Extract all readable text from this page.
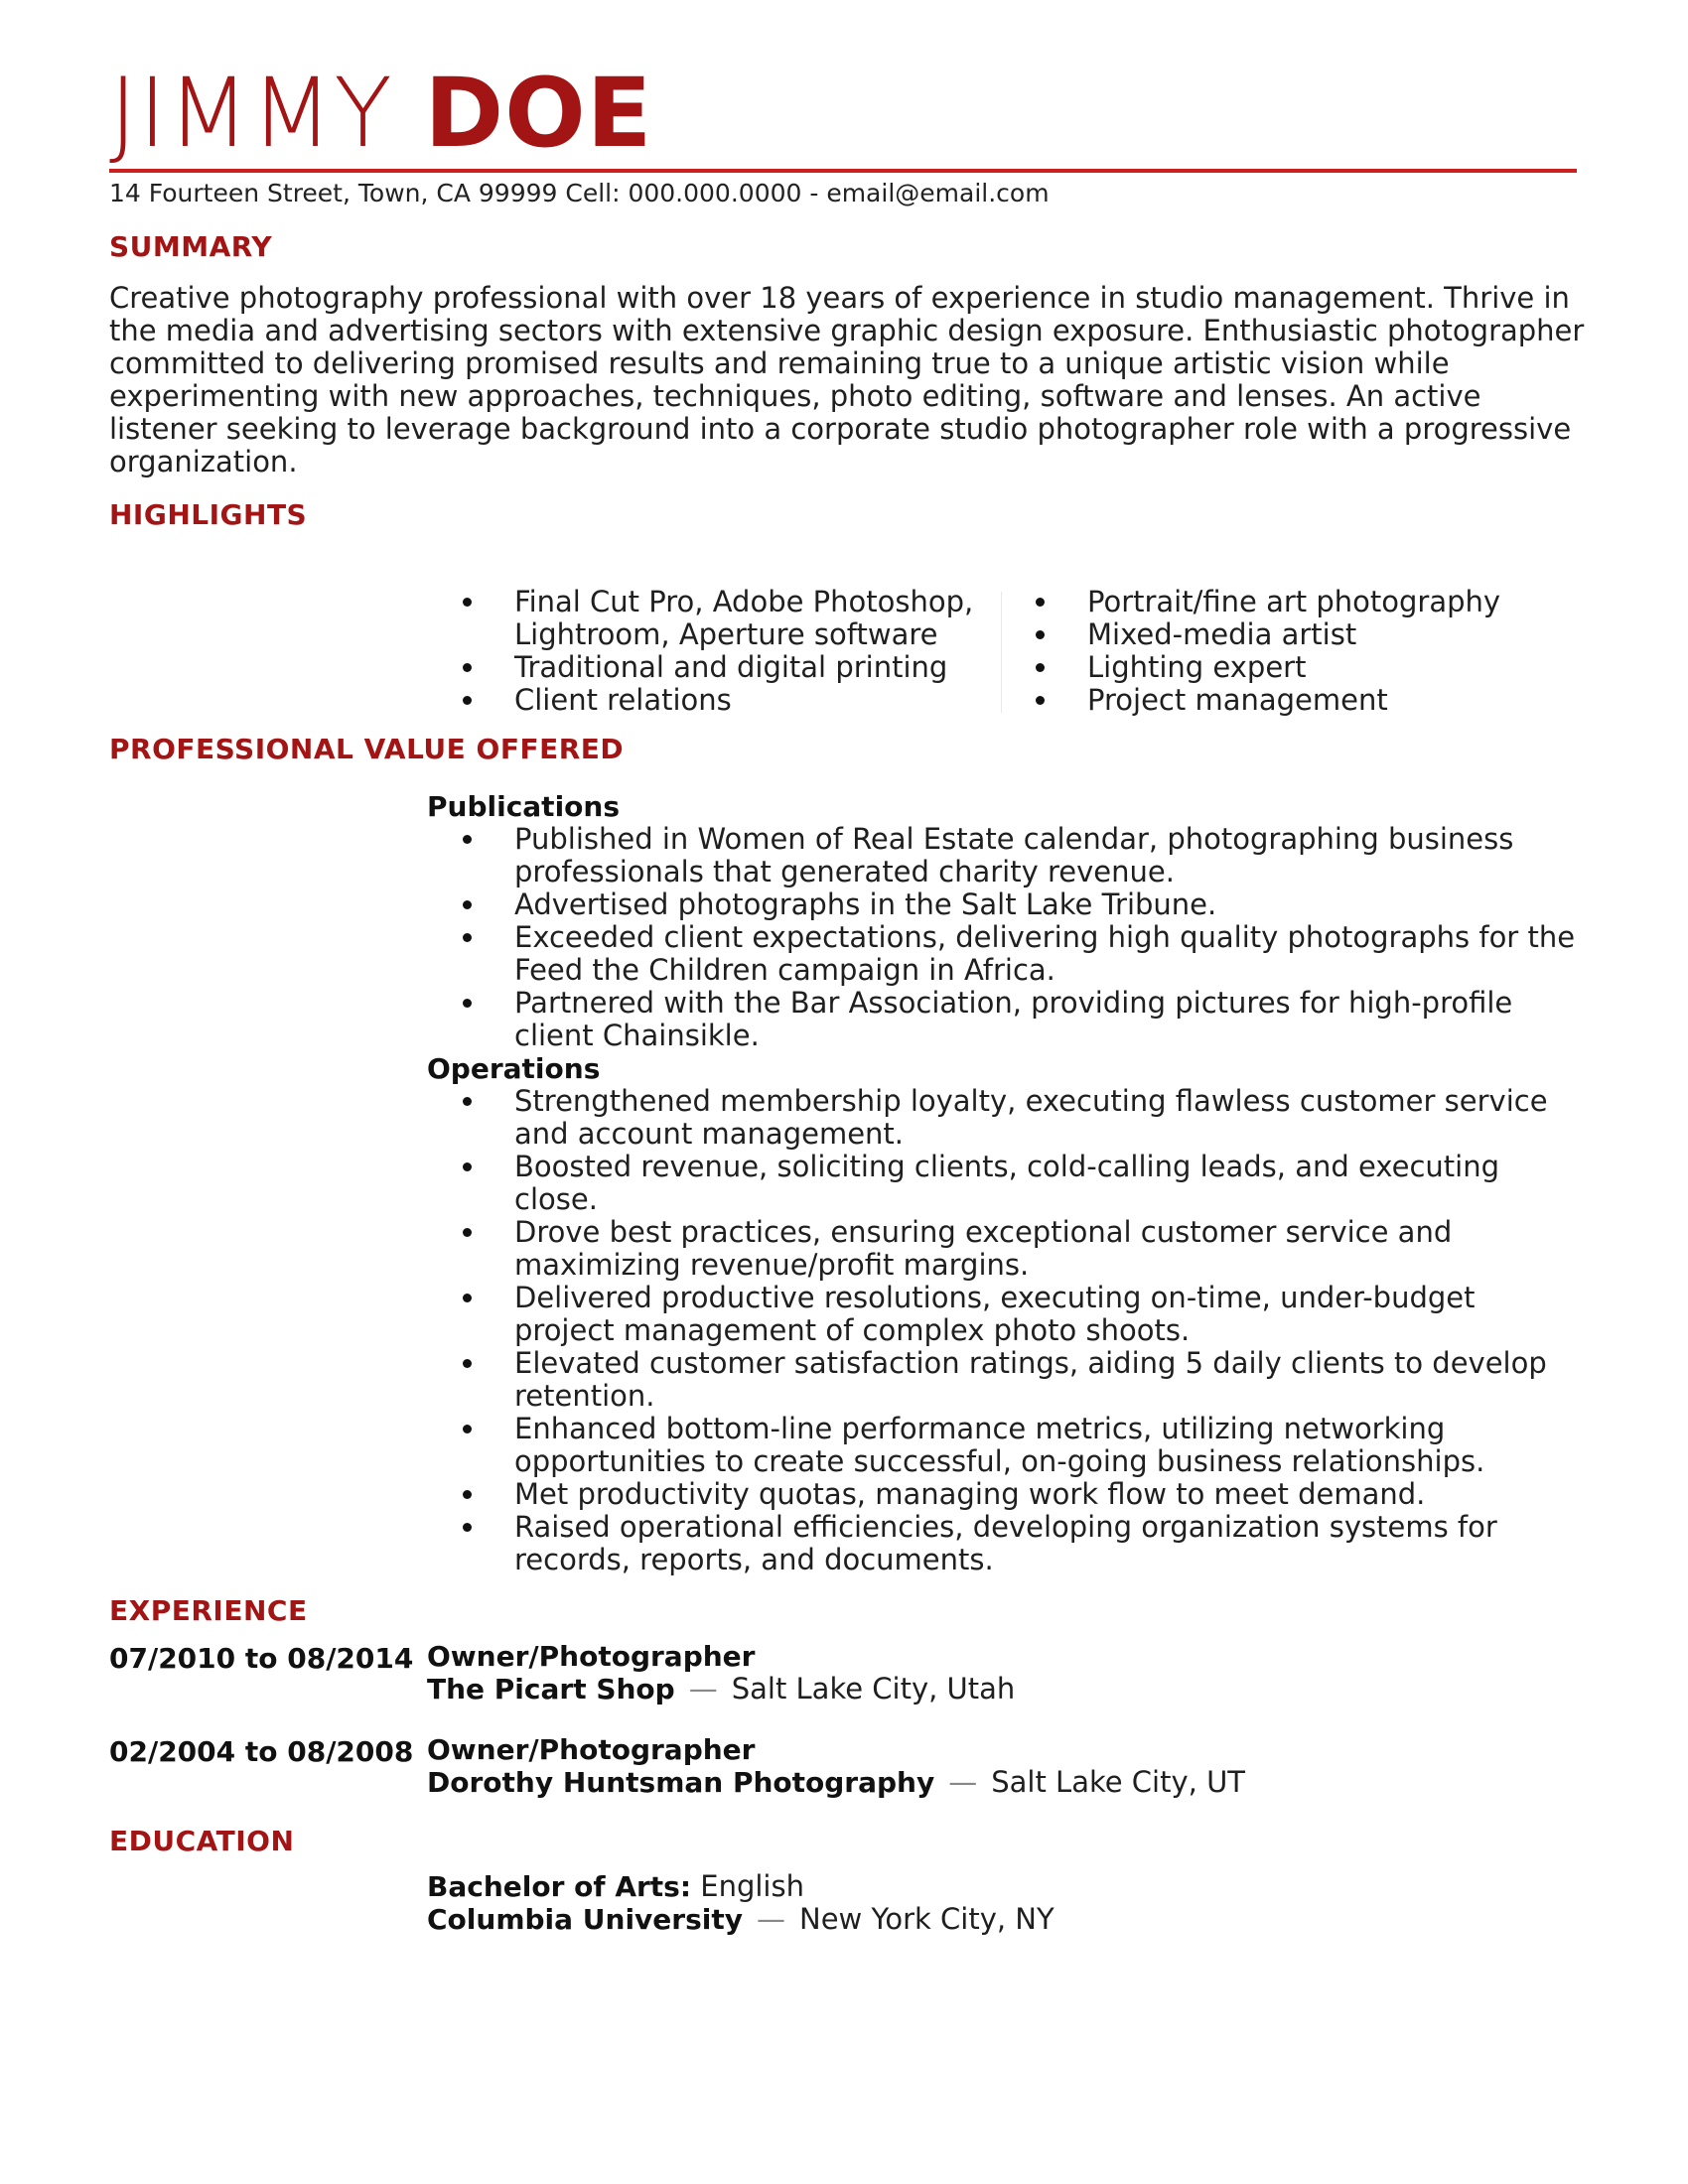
JIMMY DOE
14 Fourteen Street, Town, CA 99999 Cell: 000.000.0000 - email@email.com
SUMMARY

Creative photography professional with over 18 years of experience in studio management. Thrive in the media and advertising sectors with extensive graphic design exposure. Enthusiastic photographer committed to delivering promised results and remaining true to a unique artistic vision while experimenting with new approaches, techniques, photo editing, software and lenses. An active listener seeking to leverage background into a corporate studio photographer role with a progressive organization.

HIGHLIGHTS
Final Cut Pro, Adobe Photoshop, Lightroom, Aperture software
Traditional and digital printing
Client relations
Portrait/fine art photography
Mixed-media artist
Lighting expert
Project management
PROFESSIONAL VALUE OFFERED

Publications

Published in Women of Real Estate calendar, photographing business professionals that generated charity revenue.
Advertised photographs in the Salt Lake Tribune.
Exceeded client expectations, delivering high quality photographs for the Feed the Children campaign in Africa.
Partnered with the Bar Association, providing pictures for high-profile client Chainsikle.

Operations

Strengthened membership loyalty, executing flawless customer service and account management.
Boosted revenue, soliciting clients, cold-calling leads, and executing close.
Drove best practices, ensuring exceptional customer service and maximizing revenue/profit margins.
Delivered productive resolutions, executing on-time, under-budget project management of complex photo shoots.
Elevated customer satisfaction ratings, aiding 5 daily clients to develop retention.
Enhanced bottom-line performance metrics, utilizing networking opportunities to create successful, on-going business relationships.
Met productivity quotas, managing work flow to meet demand.
Raised operational efficiencies, developing organization systems for records, reports, and documents.
EXPERIENCE
07/2010 to 08/2014 Owner/Photographer
The Picart Shop — Salt Lake City, Utah
02/2004 to 08/2008 Owner/Photographer
Dorothy Huntsman Photography — Salt Lake City, UT
EDUCATION
Bachelor of Arts: English
Columbia University — New York City, NY
